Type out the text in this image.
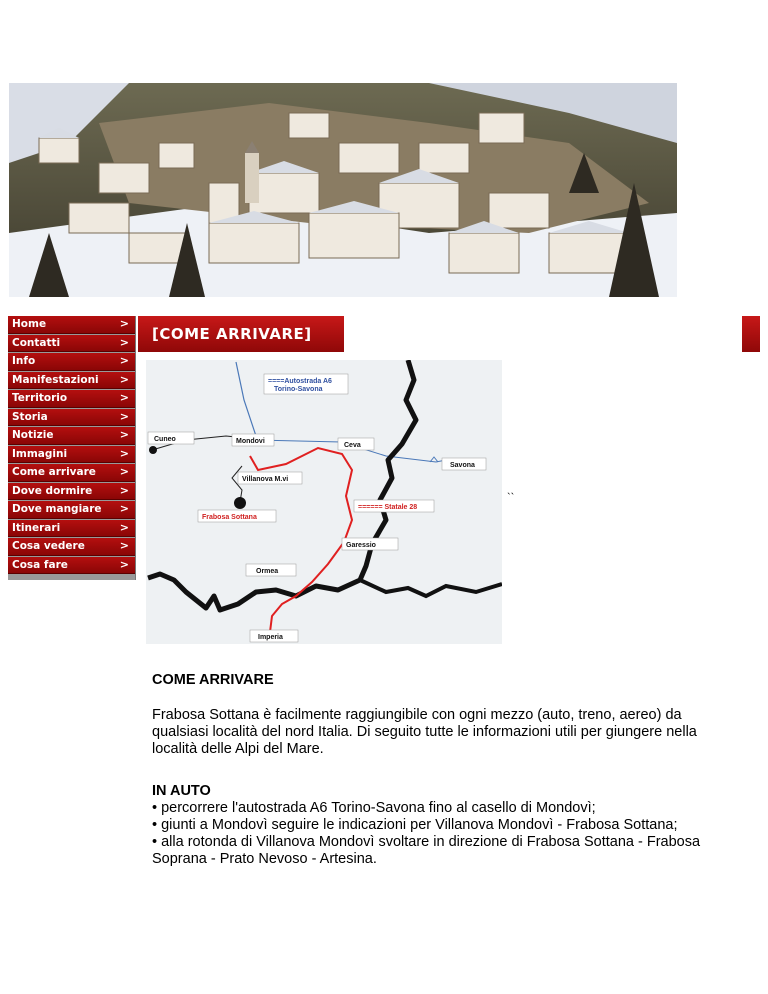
Home	>
Contatti	>
Info	>
Manifestazioni >
Territorio	>
Storia	>
Notizie	>
Immagini	>
Come arrivare >
Dove dormire >
Dove mangiare >
Itinerari	>
Cosa vedere	>
Cosa fare	>
[COME ARRIVARE]
====Autostrada A6
Torino-Savona
Cuneo	Mondovi
Ceva
Savona
Villanova M.vi
Frabosa Sottana
====== Statale 28
Garessio
Ormea
Imperia
``
COME ARRIVARE

Frabosa Sottana è facilmente raggiungibile con ogni mezzo (auto, treno, aereo) da qualsiasi località del nord Italia. Di seguito tutte le informazioni utili per giungere nella località delle Alpi del Mare.

IN AUTO

• percorrere l'autostrada A6 Torino-Savona fino al casello di Mondovì;

• giunti a Mondovì seguire le indicazioni per Villanova Mondovì - Frabosa Sottana;

• alla rotonda di Villanova Mondovì svoltare in direzione di Frabosa Sottana - Frabosa Soprana - Prato Nevoso - Artesina.
